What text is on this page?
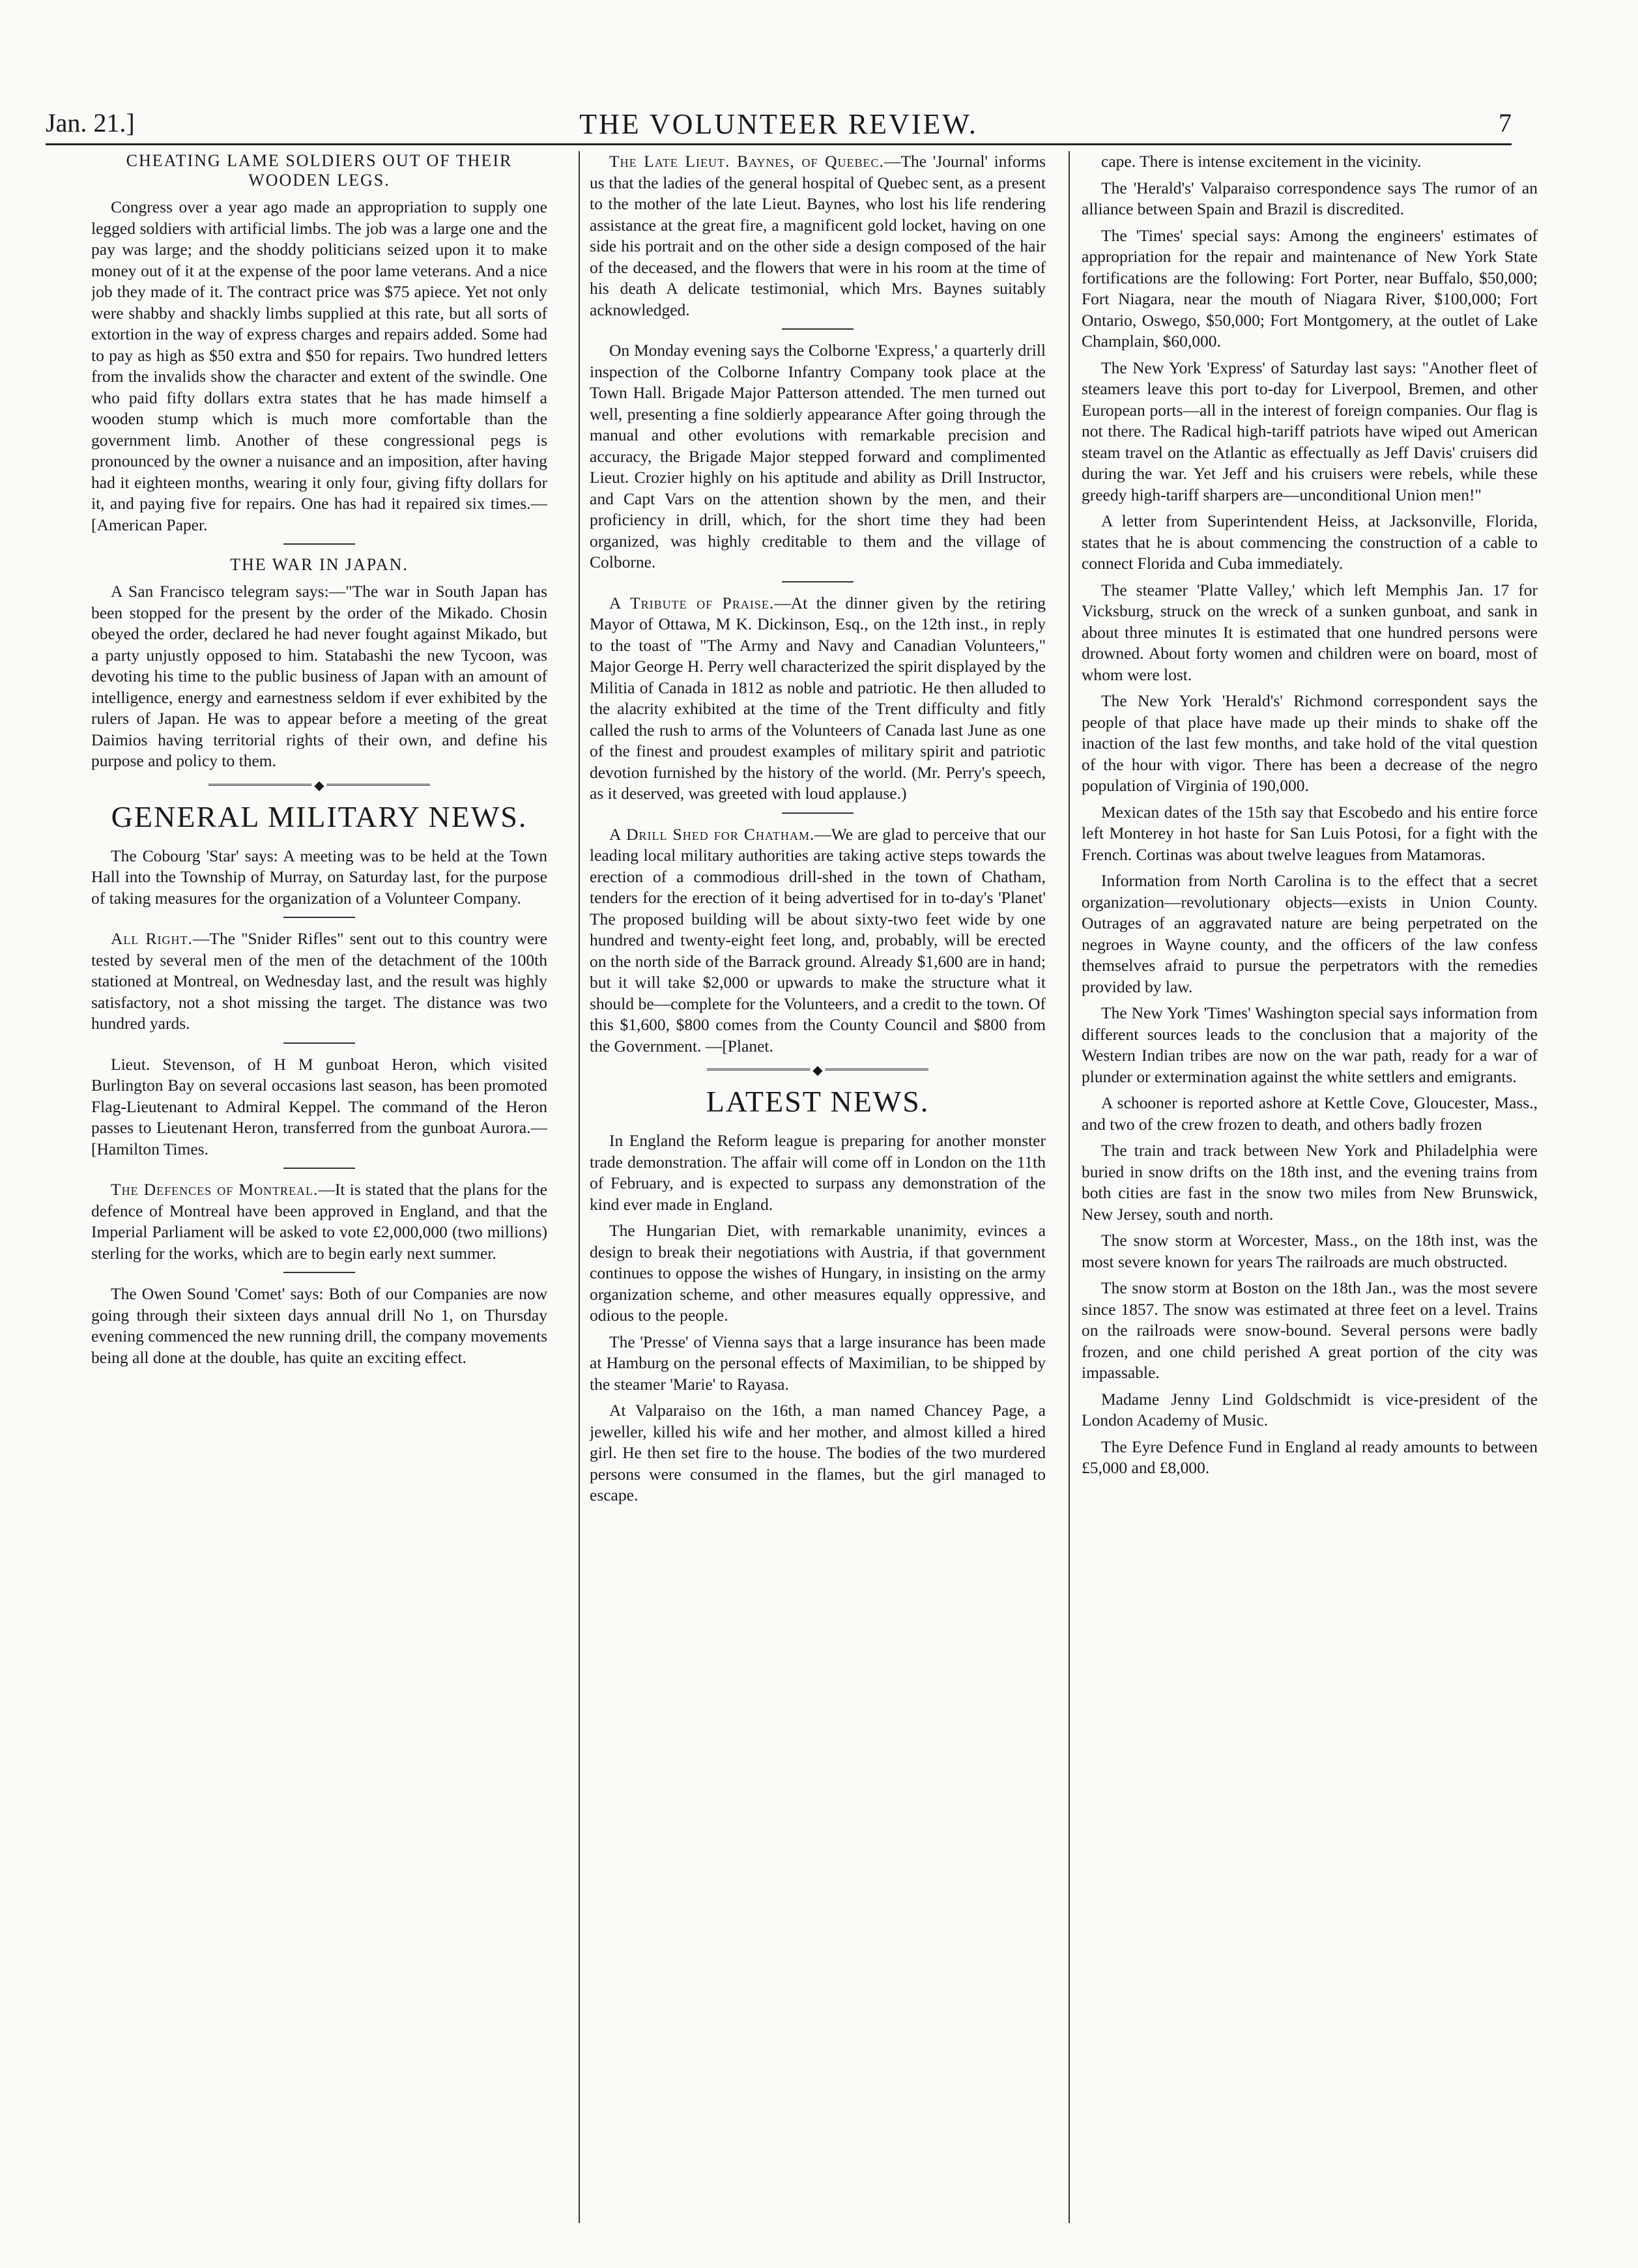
Jan. 21.]	THE VOLUNTEER REVIEW.	7
CHEATING LAME SOLDIERS OUT OF THEIR WOODEN LEGS.

Congress over a year ago made an appropriation to supply one legged soldiers with artificial limbs. The job was a large one and the pay was large; and the shoddy politicians seized upon it to make money out of it at the expense of the poor lame veterans. And a nice job they made of it. The contract price was $75 apiece. Yet not only were shabby and shackly limbs supplied at this rate, but all sorts of extortion in the way of express charges and repairs added. Some had to pay as high as $50 extra and $50 for repairs. Two hundred letters from the invalids show the character and extent of the swindle. One who paid fifty dollars extra states that he has made himself a wooden stump which is much more comfortable than the government limb. Another of these congressional pegs is pronounced by the owner a nuisance and an imposition, after having had it eighteen months, wearing it only four, giving fifty dollars for it, and paying five for repairs. One has had it repaired six times.—[American Paper.

THE WAR IN JAPAN.

A San Francisco telegram says:—"The war in South Japan has been stopped for the present by the order of the Mikado. Chosin obeyed the order, declared he had never fought against Mikado, but a party unjustly opposed to him. Statabashi the new Tycoon, was devoting his time to the public business of Japan with an amount of intelligence, energy and earnestness seldom if ever exhibited by the rulers of Japan. He was to appear before a meeting of the great Daimios having territorial rights of their own, and define his purpose and policy to them.

◆
GENERAL MILITARY NEWS.

The Cobourg 'Star' says: A meeting was to be held at the Town Hall into the Township of Murray, on Saturday last, for the purpose of taking measures for the organization of a Volunteer Company.

All Right.—The "Snider Rifles" sent out to this country were tested by several men of the men of the detachment of the 100th stationed at Montreal, on Wednesday last, and the result was highly satisfactory, not a shot missing the target. The distance was two hundred yards.

Lieut. Stevenson, of H M gunboat Heron, which visited Burlington Bay on several occasions last season, has been promoted Flag-Lieutenant to Admiral Keppel. The command of the Heron passes to Lieutenant Heron, transferred from the gunboat Aurora.—[Hamilton Times.

The Defences of Montreal.—It is stated that the plans for the defence of Montreal have been approved in England, and that the Imperial Parliament will be asked to vote £2,000,000 (two millions) sterling for the works, which are to begin early next summer.

The Owen Sound 'Comet' says: Both of our Companies are now going through their sixteen days annual drill No 1, on Thursday evening commenced the new running drill, the company movements being all done at the double, has quite an exciting effect.

The Late Lieut. Baynes, of Quebec.—The 'Journal' informs us that the ladies of the general hospital of Quebec sent, as a present to the mother of the late Lieut. Baynes, who lost his life rendering assistance at the great fire, a magnificent gold locket, having on one side his portrait and on the other side a design composed of the hair of the deceased, and the flowers that were in his room at the time of his death A delicate testimonial, which Mrs. Baynes suitably acknowledged.

On Monday evening says the Colborne 'Express,' a quarterly drill inspection of the Colborne Infantry Company took place at the Town Hall. Brigade Major Patterson attended. The men turned out well, presenting a fine soldierly appearance After going through the manual and other evolutions with remarkable precision and accuracy, the Brigade Major stepped forward and complimented Lieut. Crozier highly on his aptitude and ability as Drill Instructor, and Capt Vars on the attention shown by the men, and their proficiency in drill, which, for the short time they had been organized, was highly creditable to them and the village of Colborne.

A Tribute of Praise.—At the dinner given by the retiring Mayor of Ottawa, M K. Dickinson, Esq., on the 12th inst., in reply to the toast of "The Army and Navy and Canadian Volunteers," Major George H. Perry well characterized the spirit displayed by the Militia of Canada in 1812 as noble and patriotic. He then alluded to the alacrity exhibited at the time of the Trent difficulty and fitly called the rush to arms of the Volunteers of Canada last June as one of the finest and proudest examples of military spirit and patriotic devotion furnished by the history of the world. (Mr. Perry's speech, as it deserved, was greeted with loud applause.)

A Drill Shed for Chatham.—We are glad to perceive that our leading local military authorities are taking active steps towards the erection of a commodious drill-shed in the town of Chatham, tenders for the erection of it being advertised for in to-day's 'Planet' The proposed building will be about sixty-two feet wide by one hundred and twenty-eight feet long, and, probably, will be erected on the north side of the Barrack ground. Already $1,600 are in hand; but it will take $2,000 or upwards to make the structure what it should be—complete for the Volunteers, and a credit to the town. Of this $1,600, $800 comes from the County Council and $800 from the Government. —[Planet.

◆
LATEST NEWS.

In England the Reform league is preparing for another monster trade demonstration. The affair will come off in London on the 11th of February, and is expected to surpass any demonstration of the kind ever made in England.

The Hungarian Diet, with remarkable unanimity, evinces a design to break their negotiations with Austria, if that government continues to oppose the wishes of Hungary, in insisting on the army organization scheme, and other measures equally oppressive, and odious to the people.

The 'Presse' of Vienna says that a large insurance has been made at Hamburg on the personal effects of Maximilian, to be shipped by the steamer 'Marie' to Rayasa.

At Valparaiso on the 16th, a man named Chancey Page, a jeweller, killed his wife and her mother, and almost killed a hired girl. He then set fire to the house. The bodies of the two murdered persons were consumed in the flames, but the girl managed to escape.

cape. There is intense excitement in the vicinity.

The 'Herald's' Valparaiso correspondence says The rumor of an alliance between Spain and Brazil is discredited.

The 'Times' special says: Among the engineers' estimates of appropriation for the repair and maintenance of New York State fortifications are the following: Fort Porter, near Buffalo, $50,000; Fort Niagara, near the mouth of Niagara River, $100,000; Fort Ontario, Oswego, $50,000; Fort Montgomery, at the outlet of Lake Champlain, $60,000.

The New York 'Express' of Saturday last says: "Another fleet of steamers leave this port to-day for Liverpool, Bremen, and other European ports—all in the interest of foreign companies. Our flag is not there. The Radical high-tariff patriots have wiped out American steam travel on the Atlantic as effectually as Jeff Davis' cruisers did during the war. Yet Jeff and his cruisers were rebels, while these greedy high-tariff sharpers are—unconditional Union men!"

A letter from Superintendent Heiss, at Jacksonville, Florida, states that he is about commencing the construction of a cable to connect Florida and Cuba immediately.

The steamer 'Platte Valley,' which left Memphis Jan. 17 for Vicksburg, struck on the wreck of a sunken gunboat, and sank in about three minutes It is estimated that one hundred persons were drowned. About forty women and children were on board, most of whom were lost.

The New York 'Herald's' Richmond correspondent says the people of that place have made up their minds to shake off the inaction of the last few months, and take hold of the vital question of the hour with vigor. There has been a decrease of the negro population of Virginia of 190,000.

Mexican dates of the 15th say that Escobedo and his entire force left Monterey in hot haste for San Luis Potosi, for a fight with the French. Cortinas was about twelve leagues from Matamoras.

Information from North Carolina is to the effect that a secret organization—revolutionary objects—exists in Union County. Outrages of an aggravated nature are being perpetrated on the negroes in Wayne county, and the officers of the law confess themselves afraid to pursue the perpetrators with the remedies provided by law.

The New York 'Times' Washington special says information from different sources leads to the conclusion that a majority of the Western Indian tribes are now on the war path, ready for a war of plunder or extermination against the white settlers and emigrants.

A schooner is reported ashore at Kettle Cove, Gloucester, Mass., and two of the crew frozen to death, and others badly frozen

The train and track between New York and Philadelphia were buried in snow drifts on the 18th inst, and the evening trains from both cities are fast in the snow two miles from New Brunswick, New Jersey, south and north.

The snow storm at Worcester, Mass., on the 18th inst, was the most severe known for years The railroads are much obstructed.

The snow storm at Boston on the 18th Jan., was the most severe since 1857. The snow was estimated at three feet on a level. Trains on the railroads were snow-bound. Several persons were badly frozen, and one child perished A great portion of the city was impassable.

Madame Jenny Lind Goldschmidt is vice-president of the London Academy of Music.

The Eyre Defence Fund in England al ready amounts to between £5,000 and £8,000.
